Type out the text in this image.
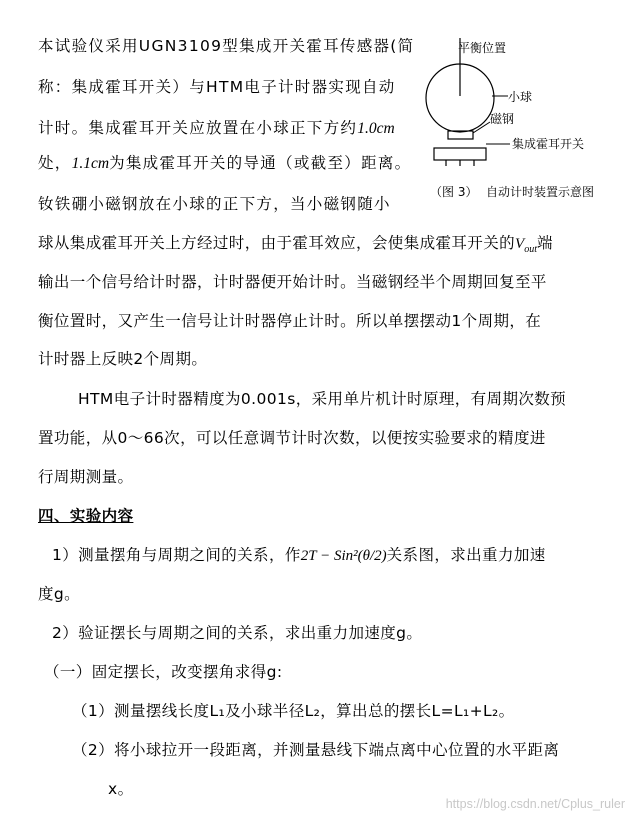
本试验仪采用UGN3109型集成开关霍耳传感器(简

称：集成霍耳开关）与HTM电子计时器实现自动

计时。集成霍耳开关应放置在小球正下方约1.0cm

处，1.1cm为集成霍耳开关的导通（或截至）距离。

钕铁硼小磁钢放在小球的正下方，当小磁钢随小

球从集成霍耳开关上方经过时，由于霍耳效应，会使集成霍耳开关的$V_{out}$端

输出一个信号给计时器，计时器便开始计时。当磁钢经半个周期回复至平

衡位置时，又产生一信号让计时器停止计时。所以单摆摆动1个周期，在

计时器上反映2个周期。

HTM电子计时器精度为0.001s，采用单片机计时原理，有周期次数预

置功能，从0～66次，可以任意调节计时次数，以便按实验要求的精度进

行周期测量。

四、实验内容

1）测量摆角与周期之间的关系，作2T − Sin²(θ/2)关系图，求出重力加速

度g。

2）验证摆长与周期之间的关系，求出重力加速度g。

（一）固定摆长，改变摆角求得g:

（1）测量摆线长度L₁及小球半径L₂，算出总的摆长L=L₁+L₂。

（2）将小球拉开一段距离，并测量悬线下端点离中心位置的水平距离

x。

平衡位置
小球
磁钢
集成霍耳开关
（图 3） 自动计时装置示意图
https://blog.csdn.net/Cplus_ruler
